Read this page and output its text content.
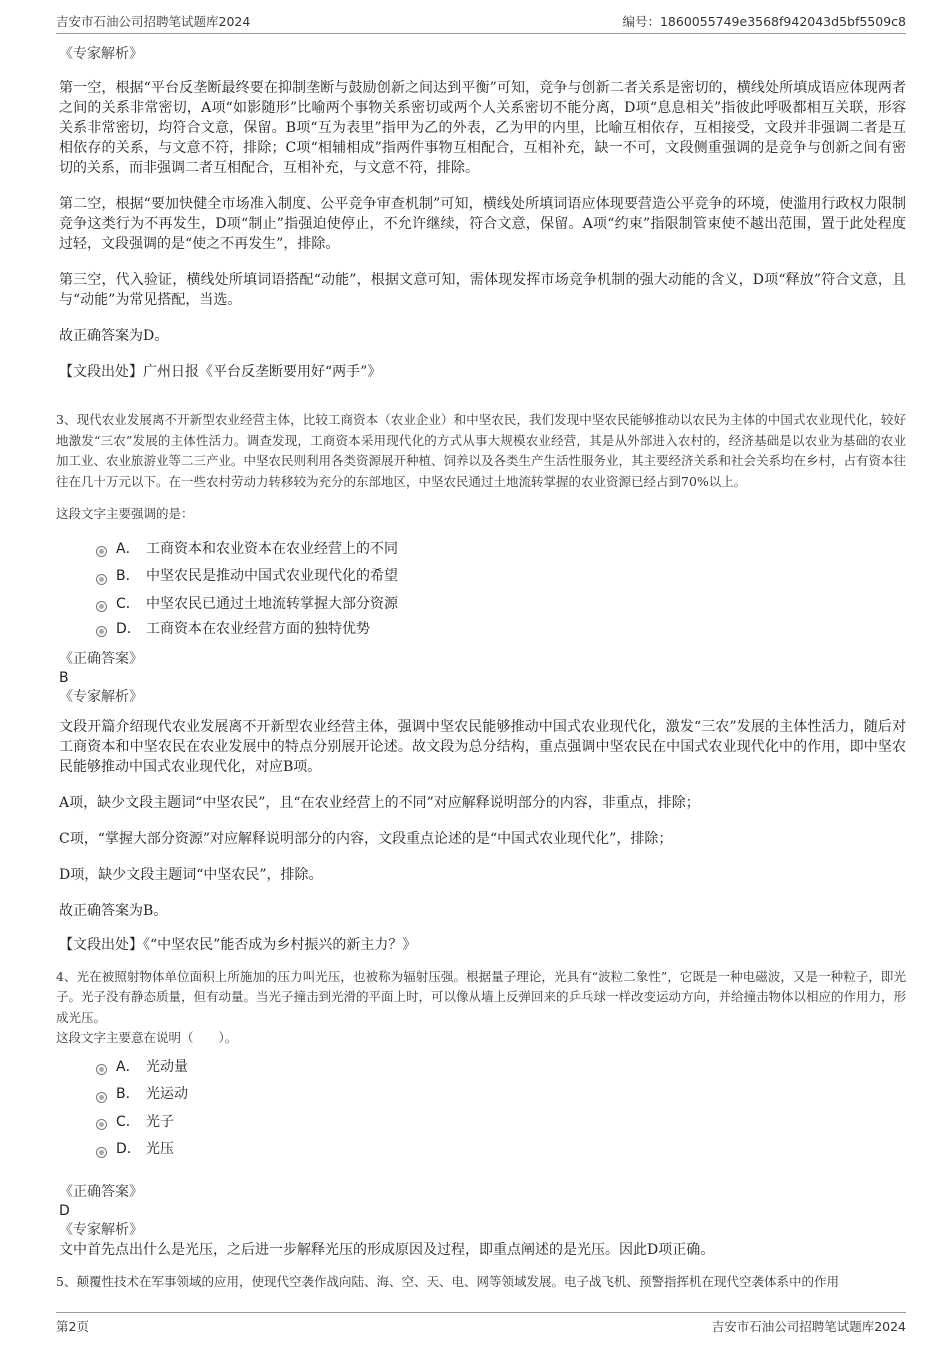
吉安市石油公司招聘笔试题库2024	编号：1860055749e3568f942043d5bf5509c8
《专家解析》
第一空，根据“平台反垄断最终要在抑制垄断与鼓励创新之间达到平衡”可知，竞争与创新二者关系是密切的，横线处所填成语应体现两者之间的关系非常密切，A项“如影随形”比喻两个事物关系密切或两个人关系密切不能分离，D项“息息相关”指彼此呼吸都相互关联，形容关系非常密切，均符合文意，保留。B项“互为表里”指甲为乙的外表，乙为甲的内里，比喻互相依存，互相接受，文段并非强调二者是互相依存的关系，与文意不符，排除；C项“相辅相成”指两件事物互相配合，互相补充，缺一不可，文段侧重强调的是竞争与创新之间有密切的关系，而非强调二者互相配合，互相补充，与文意不符，排除。
第二空，根据“要加快健全市场准入制度、公平竞争审查机制”可知，横线处所填词语应体现要营造公平竞争的环境，使滥用行政权力限制竞争这类行为不再发生，D项“制止”指强迫使停止，不允许继续，符合文意，保留。A项“约束”指限制管束使不越出范围，置于此处程度过轻，文段强调的是“使之不再发生”，排除。
第三空，代入验证，横线处所填词语搭配“动能”，根据文意可知，需体现发挥市场竞争机制的强大动能的含义，D项“释放”符合文意，且与“动能”为常见搭配，当选。
故正确答案为D。
【文段出处】广州日报《平台反垄断要用好“两手”》
3、现代农业发展离不开新型农业经营主体，比较工商资本（农业企业）和中坚农民，我们发现中坚农民能够推动以农民为主体的中国式农业现代化，较好地激发“三农”发展的主体性活力。调查发现，工商资本采用现代化的方式从事大规模农业经营，其是从外部进入农村的，经济基础是以农业为基础的农业加工业、农业旅游业等二三产业。中坚农民则利用各类资源展开种植、饲养以及各类生产生活性服务业，其主要经济关系和社会关系均在乡村，占有资本往往在几十万元以下。在一些农村劳动力转移较为充分的东部地区，中坚农民通过土地流转掌握的农业资源已经占到70%以上。
这段文字主要强调的是：
A． 工商资本和农业资本在农业经营上的不同
B． 中坚农民是推动中国式农业现代化的希望
C． 中坚农民已通过土地流转掌握大部分资源
D． 工商资本在农业经营方面的独特优势
《正确答案》
B
《专家解析》
文段开篇介绍现代农业发展离不开新型农业经营主体，强调中坚农民能够推动中国式农业现代化，激发“三农”发展的主体性活力，随后对工商资本和中坚农民在农业发展中的特点分别展开论述。故文段为总分结构，重点强调中坚农民在中国式农业现代化中的作用，即中坚农民能够推动中国式农业现代化，对应B项。
A项，缺少文段主题词“中坚农民”，且“在农业经营上的不同”对应解释说明部分的内容，非重点，排除；
C项，“掌握大部分资源”对应解释说明部分的内容，文段重点论述的是“中国式农业现代化”，排除；
D项，缺少文段主题词“中坚农民”，排除。
故正确答案为B。
【文段出处】《“中坚农民”能否成为乡村振兴的新主力？》
4、光在被照射物体单位面积上所施加的压力叫光压，也被称为辐射压强。根据量子理论，光具有“波粒二象性”，它既是一种电磁波，又是一种粒子，即光子。光子没有静态质量，但有动量。当光子撞击到光滑的平面上时，可以像从墙上反弹回来的乒乓球一样改变运动方向，并给撞击物体以相应的作用力，形成光压。
这段文字主要意在说明（　　）。
A． 光动量
B． 光运动
C． 光子
D． 光压
《正确答案》
D
《专家解析》
文中首先点出什么是光压，之后进一步解释光压的形成原因及过程，即重点阐述的是光压。因此D项正确。
5、颠覆性技术在军事领域的应用，使现代空袭作战向陆、海、空、天、电、网等领域发展。电子战飞机、预警指挥机在现代空袭体系中的作用
第2页	吉安市石油公司招聘笔试题库2024
